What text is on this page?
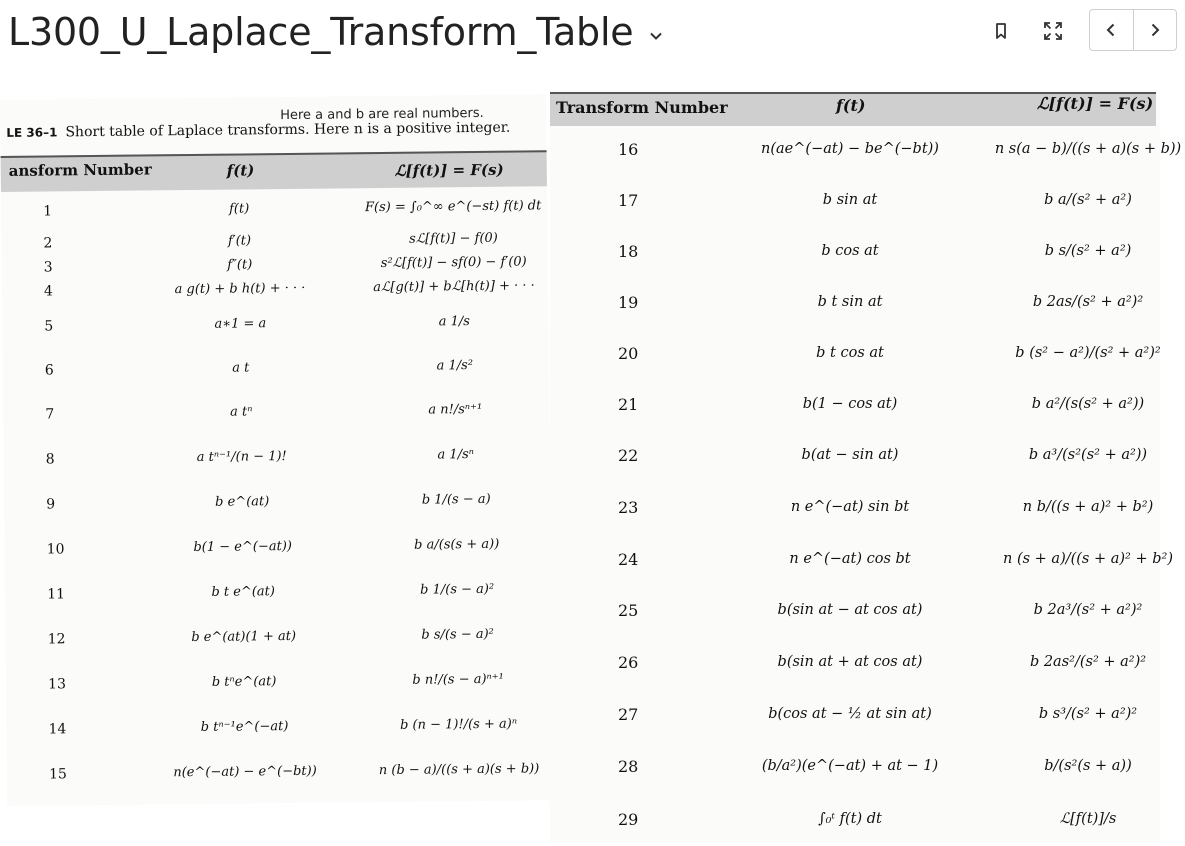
L300_U_Laplace_Transform_Table
Here a and b are real numbers.
LE 36–1 Short table of Laplace transforms. Here n is a positive integer.
ansform Number	f(t)	ℒ[f(t)] = F(s)
1	f(t)	F(s) = ∫₀^∞ e^(−st) f(t) dt
2	f′(t)	sℒ[f(t)] − f(0)
3	f″(t)	s²ℒ[f(t)] − sf(0) − f′(0)
4	a g(t) + b h(t) + · · ·	aℒ[g(t)] + bℒ[h(t)] + · · ·
5	a∗1 = a	a 1/s
6	a t	a 1/s²
7	a tⁿ	a n!/sⁿ⁺¹
8	a tⁿ⁻¹/(n − 1)!	a 1/sⁿ
9	b e^(at)	b 1/(s − a)
10	b(1 − e^(−at))	b a/(s(s + a))
11	b t e^(at)	b 1/(s − a)²
12	b e^(at)(1 + at)	b s/(s − a)²
13	b tⁿe^(at)	b n!/(s − a)ⁿ⁺¹
14	b tⁿ⁻¹e^(−at)	b (n − 1)!/(s + a)ⁿ
15	n(e^(−at) − e^(−bt))	n (b − a)/((s + a)(s + b))
Transform Number	f(t)	ℒ[f(t)] = F(s)
16	n(ae^(−at) − be^(−bt))	n s(a − b)/((s + a)(s + b))
17	b sin at	b a/(s² + a²)
18	b cos at	b s/(s² + a²)
19	b t sin at	b 2as/(s² + a²)²
20	b t cos at	b (s² − a²)/(s² + a²)²
21	b(1 − cos at)	b a²/(s(s² + a²))
22	b(at − sin at)	b a³/(s²(s² + a²))
23	n e^(−at) sin bt	n b/((s + a)² + b²)
24	n e^(−at) cos bt	n (s + a)/((s + a)² + b²)
25	b(sin at − at cos at)	b 2a³/(s² + a²)²
26	b(sin at + at cos at)	b 2as²/(s² + a²)²
27	b(cos at − ½ at sin at)	b s³/(s² + a²)²
28	(b/a²)(e^(−at) + at − 1)	b/(s²(s + a))
29	∫₀ᵗ f(t) dt	ℒ[f(t)]/s
